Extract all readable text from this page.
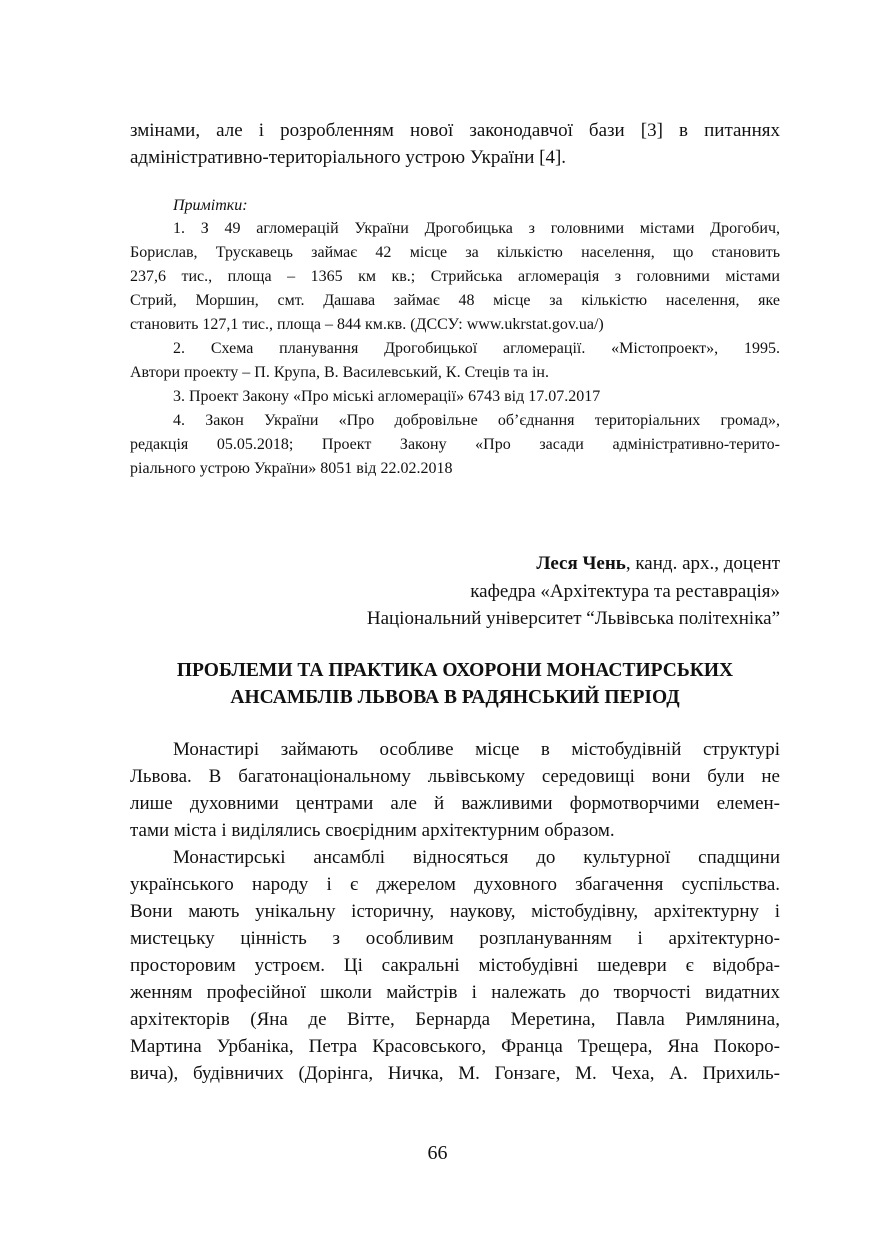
змінами, але і розробленням нової законодавчої бази [3] в питаннях
адміністративно-територіального устрою України [4].
Примітки:
1. З 49 агломерацій України Дрогобицька з головними містами Дрогобич,
Борислав, Трускавець займає 42 місце за кількістю населення, що становить
237,6 тис., площа – 1365 км кв.; Стрийська агломерація з головними містами
Стрий, Моршин, смт. Дашава займає 48 місце за кількістю населення, яке
становить 127,1 тис., площа – 844 км.кв. (ДССУ: www.ukrstat.gov.ua/)
2. Схема планування Дрогобицької агломерації. «Містопроект», 1995.
Автори проекту – П. Крупа, В. Василевський, К. Стеців та ін.
3. Проект Закону «Про міські агломерації» 6743 від 17.07.2017
4. Закон України «Про добровільне об’єднання територіальних громад»,
редакція 05.05.2018; Проект Закону «Про засади адміністративно-терито-
ріального устрою України» 8051 від 22.02.2018
Леся Чень, канд. арх., доцент
кафедра «Архітектура та реставрація»
Національний університет “Львівська політехніка”
ПРОБЛЕМИ ТА ПРАКТИКА ОХОРОНИ МОНАСТИРСЬКИХ
АНСАМБЛІВ ЛЬВОВА В РАДЯНСЬКИЙ ПЕРІОД
Монастирі займають особливе місце в містобудівній структурі
Львова. В багатонаціональному львівському середовищі вони були не
лише духовними центрами але й важливими формотворчими елемен-
тами міста і виділялись своєрідним архітектурним образом.
Монастирські ансамблі відносяться до культурної спадщини
українського народу і є джерелом духовного збагачення суспільства.
Вони мають унікальну історичну, наукову, містобудівну, архітектурну і
мистецьку цінність з особливим розплануванням і архітектурно-
просторовим устроєм. Ці сакральні містобудівні шедеври є відобра-
женням професійної школи майстрів і належать до творчості видатних
архітекторів (Яна де Вітте, Бернарда Меретина, Павла Римлянина,
Мартина Урбаніка, Петра Красовського, Франца Трещера, Яна Покоро-
вича), будівничих (Дорінга, Ничка, М. Гонзаге, М. Чеха, А. Прихиль-
66
